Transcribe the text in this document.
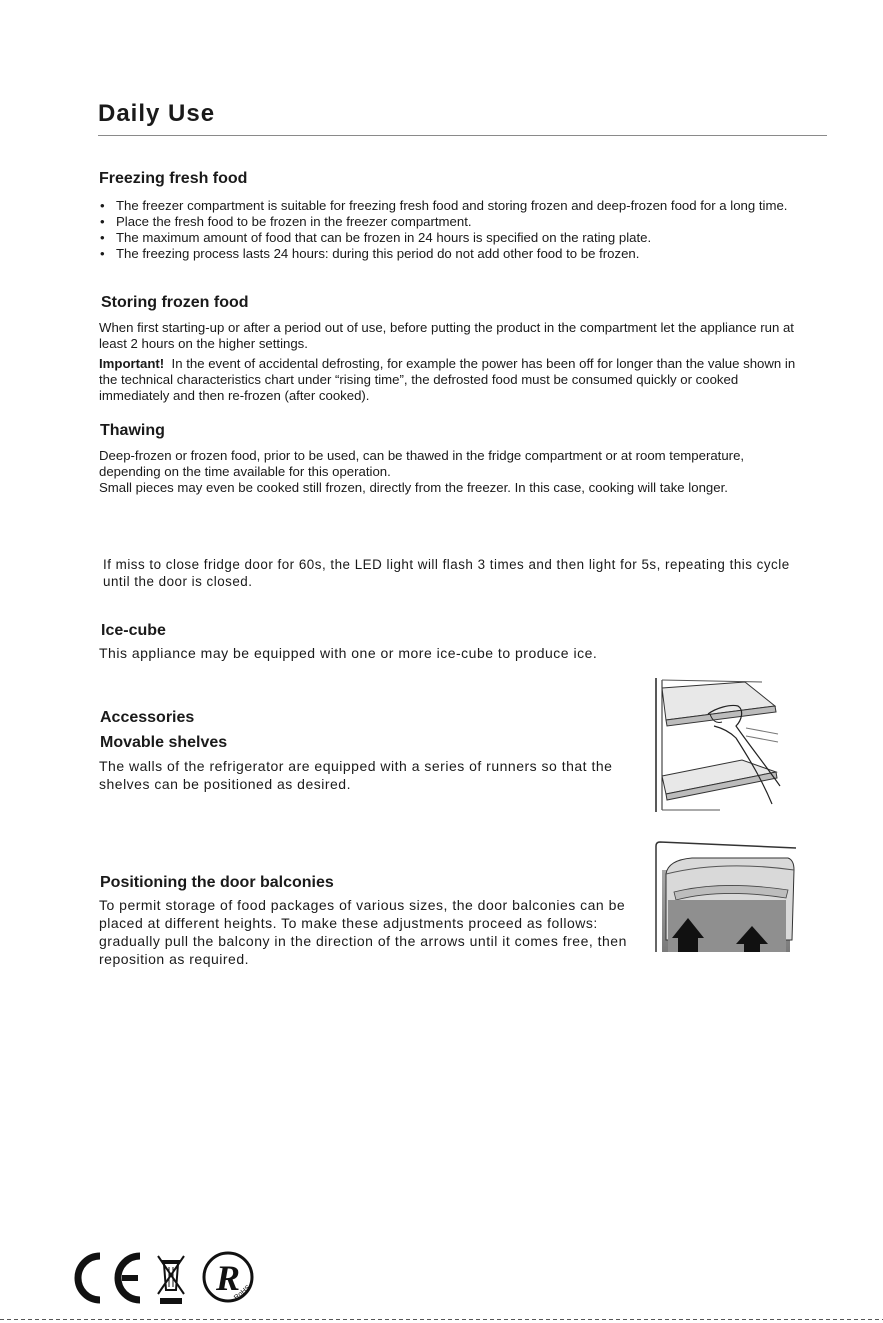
Daily Use
Freezing fresh food
• The freezer compartment is suitable for freezing fresh food and storing frozen and deep-frozen food for a long time.
• Place the fresh food to be frozen in the freezer compartment.
• The maximum amount of food that can be frozen in 24 hours is specified on the rating plate.
• The freezing process lasts 24 hours: during this period do not add other food to be frozen.
Storing frozen food

When first starting-up or after a period out of use, before putting the product in the compartment let the appliance run at least 2 hours on the higher settings.

Important! In the event of accidental defrosting, for example the power has been off for longer than the value shown in the technical characteristics chart under “rising time”, the defrosted food must be consumed quickly or cooked immediately and then re-frozen (after cooked).

Thawing

Deep-frozen or frozen food, prior to be used, can be thawed in the fridge compartment or at room temperature, depending on the time available for this operation.

Small pieces may even be cooked still frozen, directly from the freezer. In this case, cooking will take longer.

If miss to close fridge door for 60s, the LED light will flash 3 times and then light for 5s, repeating this cycle until the door is closed.

Ice-cube

This appliance may be equipped with one or more ice-cube to produce ice.

Accessories
Movable shelves

The walls of the refrigerator are equipped with a series of runners so that the shelves can be positioned as desired.

Positioning the door balconies

To permit storage of food packages of various sizes, the door balconies can be placed at different heights. To make these adjustments proceed as follows: gradually pull the balcony in the direction of the arrows until it comes free, then reposition as required.

R
RoHS
